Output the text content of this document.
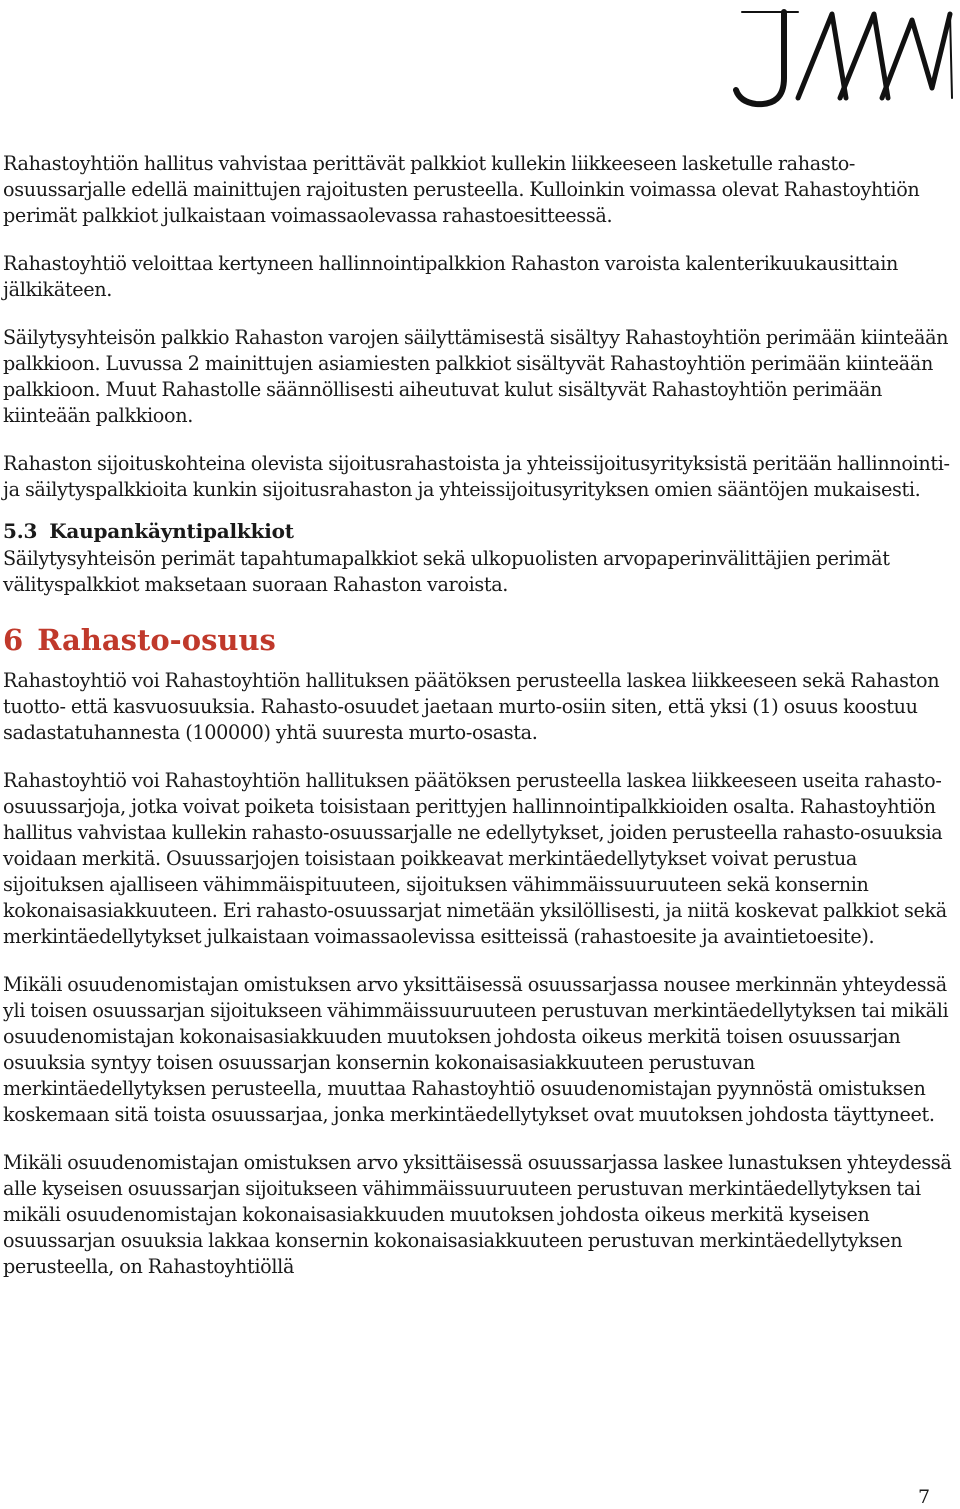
Rahastoyhtiön hallitus vahvistaa perittävät palkkiot kullekin liikkeeseen lasketulle rahasto-osuussarjalle edellä mainittujen rajoitusten perusteella. Kulloinkin voimassa olevat Rahastoyhtiön perimät palkkiot julkaistaan voimassaolevassa rahastoesitteessä.

Rahastoyhtiö veloittaa kertyneen hallinnointipalkkion Rahaston varoista kalenterikuukausittain jälkikäteen.

Säilytysyhteisön palkkio Rahaston varojen säilyttämisestä sisältyy Rahastoyhtiön perimään kiinteään palkkioon. Luvussa 2 mainittujen asiamiesten palkkiot sisältyvät Rahastoyhtiön perimään kiinteään palkkioon. Muut Rahastolle säännöllisesti aiheutuvat kulut sisältyvät Rahastoyhtiön perimään kiinteään palkkioon.

Rahaston sijoituskohteina olevista sijoitusrahastoista ja yhteissijoitusyrityksistä peritään hallinnointi- ja säilytyspalkkioita kunkin sijoitusrahaston ja yhteissijoitusyrityksen omien sääntöjen mukaisesti.

5.3 Kaupankäyntipalkkiot

Säilytysyhteisön perimät tapahtumapalkkiot sekä ulkopuolisten arvopaperinvälittäjien perimät välityspalkkiot maksetaan suoraan Rahaston varoista.

6 Rahasto-osuus

Rahastoyhtiö voi Rahastoyhtiön hallituksen päätöksen perusteella laskea liikkeeseen sekä Rahaston tuotto- että kasvuosuuksia. Rahasto-osuudet jaetaan murto-osiin siten, että yksi (1) osuus koostuu sadastatuhannesta (100000) yhtä suuresta murto-osasta.

Rahastoyhtiö voi Rahastoyhtiön hallituksen päätöksen perusteella laskea liikkeeseen useita rahasto-osuussarjoja, jotka voivat poiketa toisistaan perittyjen hallinnointipalkkioiden osalta. Rahastoyhtiön hallitus vahvistaa kullekin rahasto-osuussarjalle ne edellytykset, joiden perusteella rahasto-osuuksia voidaan merkitä. Osuussarjojen toisistaan poikkeavat merkintäedellytykset voivat perustua sijoituksen ajalliseen vähimmäispituuteen, sijoituksen vähimmäissuuruuteen sekä konsernin kokonaisasiakkuuteen. Eri rahasto-osuussarjat nimetään yksilöllisesti, ja niitä koskevat palkkiot sekä merkintäedellytykset julkaistaan voimassaolevissa esitteissä (rahastoesite ja avaintietoesite).

Mikäli osuudenomistajan omistuksen arvo yksittäisessä osuussarjassa nousee merkinnän yhteydessä yli toisen osuussarjan sijoitukseen vähimmäissuuruuteen perustuvan merkintäedellytyksen tai mikäli osuudenomistajan kokonaisasiakkuuden muutoksen johdosta oikeus merkitä toisen osuussarjan osuuksia syntyy toisen osuussarjan konsernin kokonaisasiakkuuteen perustuvan merkintäedellytyksen perusteella, muuttaa Rahastoyhtiö osuudenomistajan pyynnöstä omistuksen koskemaan sitä toista osuussarjaa, jonka merkintäedellytykset ovat muutoksen johdosta täyttyneet.

Mikäli osuudenomistajan omistuksen arvo yksittäisessä osuussarjassa laskee lunastuksen yhteydessä alle kyseisen osuussarjan sijoitukseen vähimmäissuuruuteen perustuvan merkintäedellytyksen tai mikäli osuudenomistajan kokonaisasiakkuuden muutoksen johdosta oikeus merkitä kyseisen osuussarjan osuuksia lakkaa konsernin kokonaisasiakkuuteen perustuvan merkintäedellytyksen perusteella, on Rahastoyhtiöllä

7
